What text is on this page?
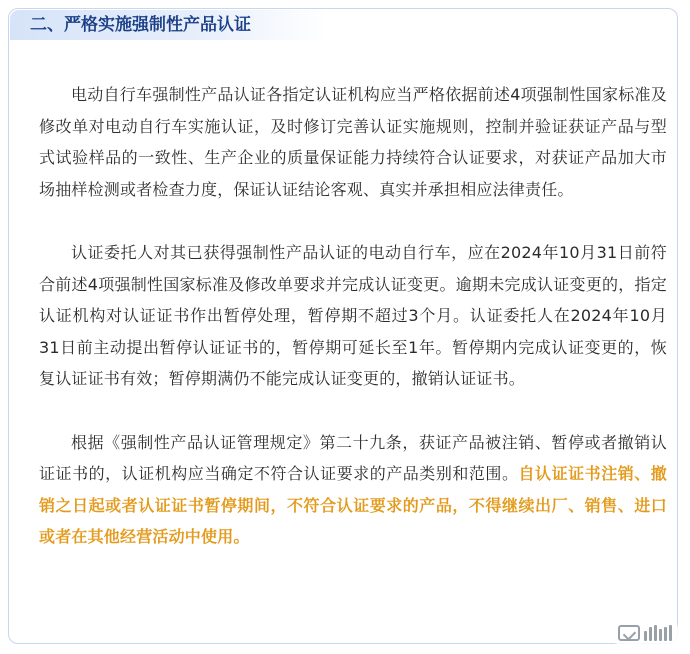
二、严格实施强制性产品认证

电动自行车强制性产品认证各指定认证机构应当严格依据前述4项强制性国家标准及修改单对电动自行车实施认证，及时修订完善认证实施规则，控制并验证获证产品与型式试验样品的一致性、生产企业的质量保证能力持续符合认证要求，对获证产品加大市场抽样检测或者检查力度，保证认证结论客观、真实并承担相应法律责任。

认证委托人对其已获得强制性产品认证的电动自行车，应在2024年10月31日前符合前述4项强制性国家标准及修改单要求并完成认证变更。逾期未完成认证变更的，指定认证机构对认证证书作出暂停处理，暂停期不超过3个月。认证委托人在2024年10月31日前主动提出暂停认证证书的，暂停期可延长至1年。暂停期内完成认证变更的，恢复认证证书有效；暂停期满仍不能完成认证变更的，撤销认证证书。

根据《强制性产品认证管理规定》第二十九条，获证产品被注销、暂停或者撤销认证证书的，认证机构应当确定不符合认证要求的产品类别和范围。自认证证书注销、撤销之日起或者认证证书暂停期间，不符合认证要求的产品，不得继续出厂、销售、进口或者在其他经营活动中使用。
